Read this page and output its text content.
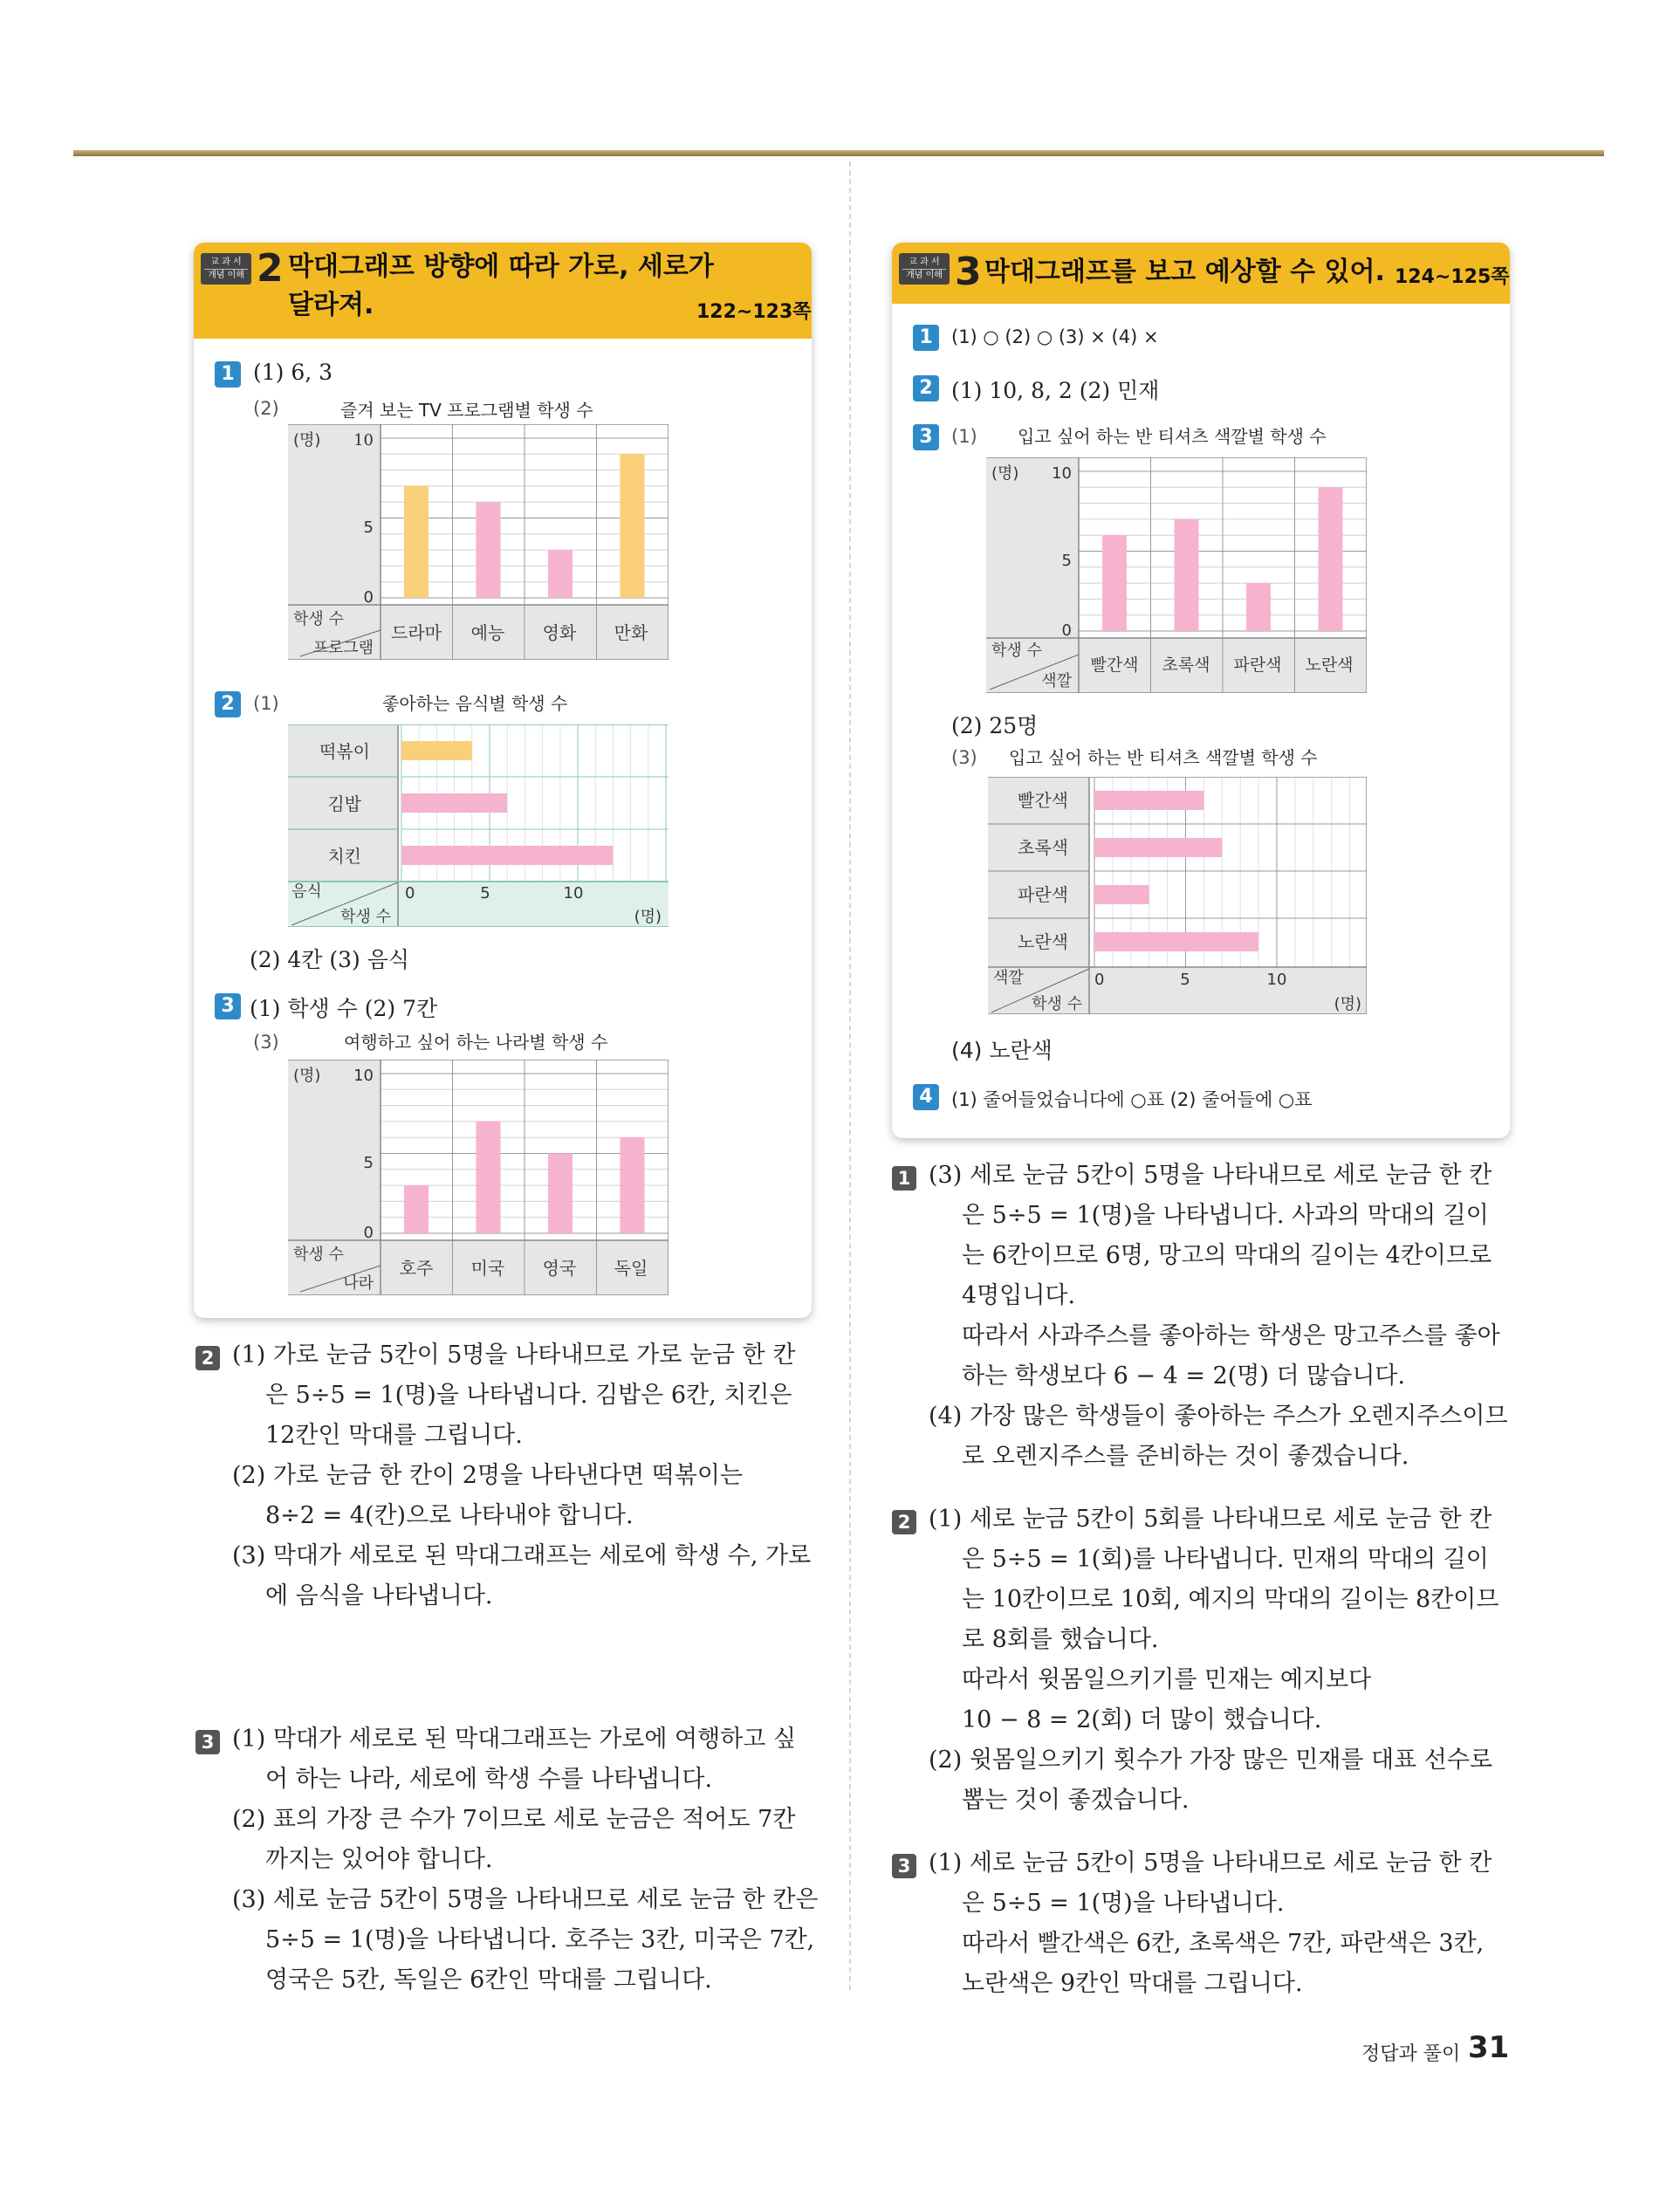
교 과 서
개념 이해 2 막대그래프 방향에 따라 가로, 세로가
달라져.	122~123쪽
1 (1) 6, 3
(2)	즐겨 보는 TV 프로그램별 학생 수
(명) 10
5
0
학생 수
프로그램
드라마 예능 영화 만화
2	(1)	좋아하는 음식별 학생 수
떡볶이
김밥
치킨
음식
학생 수
0	5	10
(명)
(2) 4칸 (3) 음식
3 (1) 학생 수 (2) 7칸
(3)	여행하고 싶어 하는 나라별 학생 수
(명) 10
5
0
학생 수
나라
호주 미국 영국 독일
교 과 서
개념 이해 3 막대그래프를 보고 예상할 수 있어. 124~125쪽
1	(1) ○ (2) ○ (3) × (4) ×
2 (1) 10, 8, 2 (2) 민재
3	(1) 입고 싶어 하는 반 티셔츠 색깔별 학생 수
(명) 10
5
0
학생 수
색깔
빨간색 초록색 파란색 노란색
(2) 25명
(3) 입고 싶어 하는 반 티셔츠 색깔별 학생 수
빨간색
초록색
파란색
노란색
색깔
학생 수
0	5	10
(명)
(4) 노란색
4	(1) 줄어들었습니다에 ○표 (2) 줄어들에 ○표
2 (1) 가로 눈금 5칸이 5명을 나타내므로 가로 눈금 한 칸
은 5÷5 = 1(명)을 나타냅니다. 김밥은 6칸, 치킨은
12칸인 막대를 그립니다.
(2) 가로 눈금 한 칸이 2명을 나타낸다면 떡볶이는
8÷2 = 4(칸)으로 나타내야 합니다.
(3) 막대가 세로로 된 막대그래프는 세로에 학생 수, 가로
에 음식을 나타냅니다.
3 (1) 막대가 세로로 된 막대그래프는 가로에 여행하고 싶
어 하는 나라, 세로에 학생 수를 나타냅니다.
(2) 표의 가장 큰 수가 7이므로 세로 눈금은 적어도 7칸
까지는 있어야 합니다.
(3) 세로 눈금 5칸이 5명을 나타내므로 세로 눈금 한 칸은
5÷5 = 1(명)을 나타냅니다. 호주는 3칸, 미국은 7칸,
영국은 5칸, 독일은 6칸인 막대를 그립니다.
1 (3) 세로 눈금 5칸이 5명을 나타내므로 세로 눈금 한 칸
은 5÷5 = 1(명)을 나타냅니다. 사과의 막대의 길이
는 6칸이므로 6명, 망고의 막대의 길이는 4칸이므로
4명입니다.
따라서 사과주스를 좋아하는 학생은 망고주스를 좋아
하는 학생보다 6 − 4 = 2(명) 더 많습니다.
(4) 가장 많은 학생들이 좋아하는 주스가 오렌지주스이므
로 오렌지주스를 준비하는 것이 좋겠습니다.
2 (1) 세로 눈금 5칸이 5회를 나타내므로 세로 눈금 한 칸
은 5÷5 = 1(회)를 나타냅니다. 민재의 막대의 길이
는 10칸이므로 10회, 예지의 막대의 길이는 8칸이므
로 8회를 했습니다.
따라서 윗몸일으키기를 민재는 예지보다
10 − 8 = 2(회) 더 많이 했습니다.
(2) 윗몸일으키기 횟수가 가장 많은 민재를 대표 선수로
뽑는 것이 좋겠습니다.
3 (1) 세로 눈금 5칸이 5명을 나타내므로 세로 눈금 한 칸
은 5÷5 = 1(명)을 나타냅니다.
따라서 빨간색은 6칸, 초록색은 7칸, 파란색은 3칸,
노란색은 9칸인 막대를 그립니다.
정답과 풀이 31
